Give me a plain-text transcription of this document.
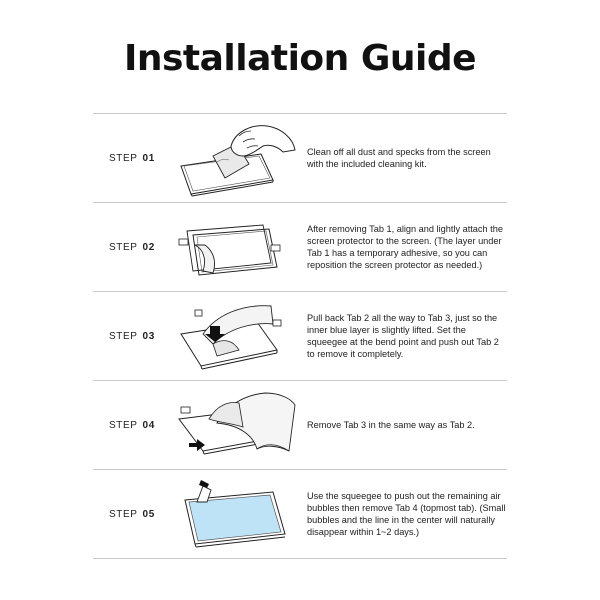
Installation Guide
STEP 01
Clean off all dust and specks from the screen with the included cleaning kit.
STEP 02
After removing Tab 1, align and lightly attach the screen protector to the screen. (The layer under Tab 1 has a temporary adhesive, so you can reposition the screen protector as needed.)
STEP 03
Pull back Tab 2 all the way to Tab 3, just so the inner blue layer is slightly lifted. Set the squeegee at the bend point and push out Tab 2 to remove it completely.
STEP 04	Remove Tab 3 in the same way as Tab 2.
STEP 05
Use the squeegee to push out the remaining air bubbles then remove Tab 4 (topmost tab). (Small bubbles and the line in the center will naturally disappear within 1~2 days.)
